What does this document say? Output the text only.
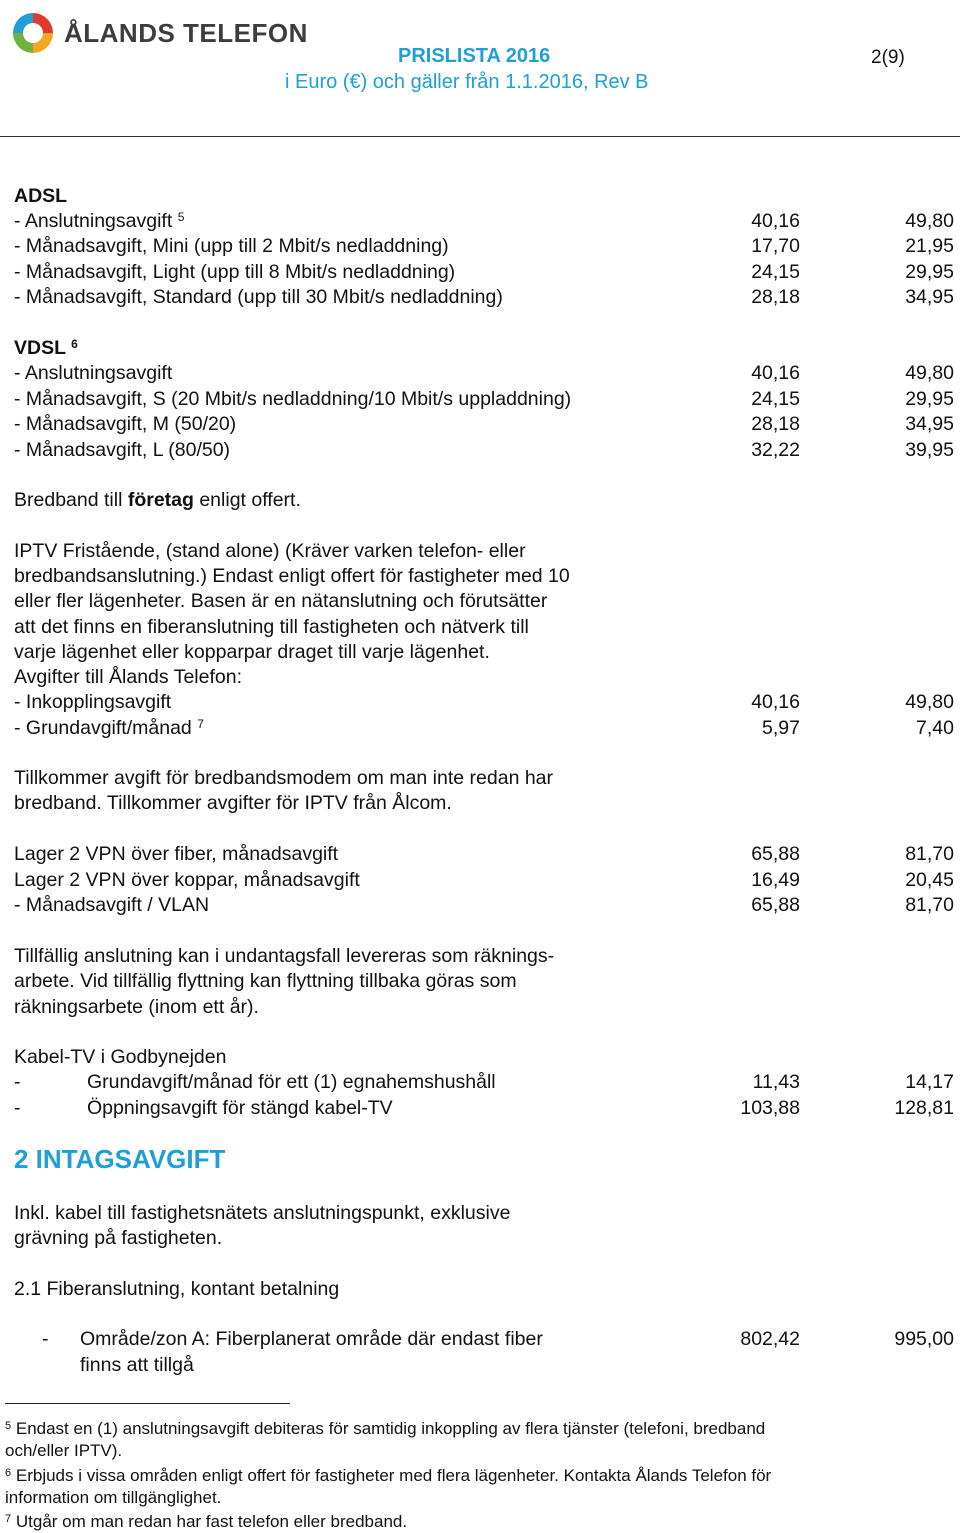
ÅLANDS TELEFON
PRISLISTA 2016	2(9)
i Euro (€) och gäller från 1.1.2016, Rev B
ADSL
- Anslutningsavgift $^5$	40,16	49,80
- Månadsavgift, Mini (upp till 2 Mbit/s nedladdning)	17,70	21,95
- Månadsavgift, Light (upp till 8 Mbit/s nedladdning)	24,15	29,95
- Månadsavgift, Standard (upp till 30 Mbit/s nedladdning)	28,18	34,95
VDSL $^6$
- Anslutningsavgift	40,16	49,80
- Månadsavgift, S (20 Mbit/s nedladdning/10 Mbit/s uppladdning)	24,15	29,95
- Månadsavgift, M (50/20)	28,18	34,95
- Månadsavgift, L (80/50)	32,22	39,95
Bredband till företag enligt offert.
IPTV Fristående, (stand alone) (Kräver varken telefon- eller
bredbandsanslutning.) Endast enligt offert för fastigheter med 10
eller fler lägenheter. Basen är en nätanslutning och förutsätter
att det finns en fiberanslutning till fastigheten och nätverk till
varje lägenhet eller kopparpar draget till varje lägenhet.
Avgifter till Ålands Telefon:
- Inkopplingsavgift	40,16	49,80
- Grundavgift/månad $^7$	5,97	7,40
Tillkommer avgift för bredbandsmodem om man inte redan har
bredband. Tillkommer avgifter för IPTV från Ålcom.
Lager 2 VPN över fiber, månadsavgift	65,88	81,70
Lager 2 VPN över koppar, månadsavgift	16,49	20,45
- Månadsavgift / VLAN	65,88	81,70
Tillfällig anslutning kan i undantagsfall levereras som räknings-
arbete. Vid tillfällig flyttning kan flyttning tillbaka göras som
räkningsarbete (inom ett år).
Kabel-TV i Godbynejden
-	Grundavgift/månad för ett (1) egnahemshushåll	11,43	14,17
-	Öppningsavgift för stängd kabel-TV	103,88	128,81
2 INTAGSAVGIFT
Inkl. kabel till fastighetsnätets anslutningspunkt, exklusive
grävning på fastigheten.
2.1 Fiberanslutning, kontant betalning
- Område/zon A: Fiberplanerat område där endast fiber
finns att tillgå
802,42	995,00
$^5$ Endast en (1) anslutningsavgift debiteras för samtidig inkoppling av flera tjänster (telefoni, bredband
och/eller IPTV).
$^6$ Erbjuds i vissa områden enligt offert för fastigheter med flera lägenheter. Kontakta Ålands Telefon för
information om tillgänglighet.
$^7$ Utgår om man redan har fast telefon eller bredband.
